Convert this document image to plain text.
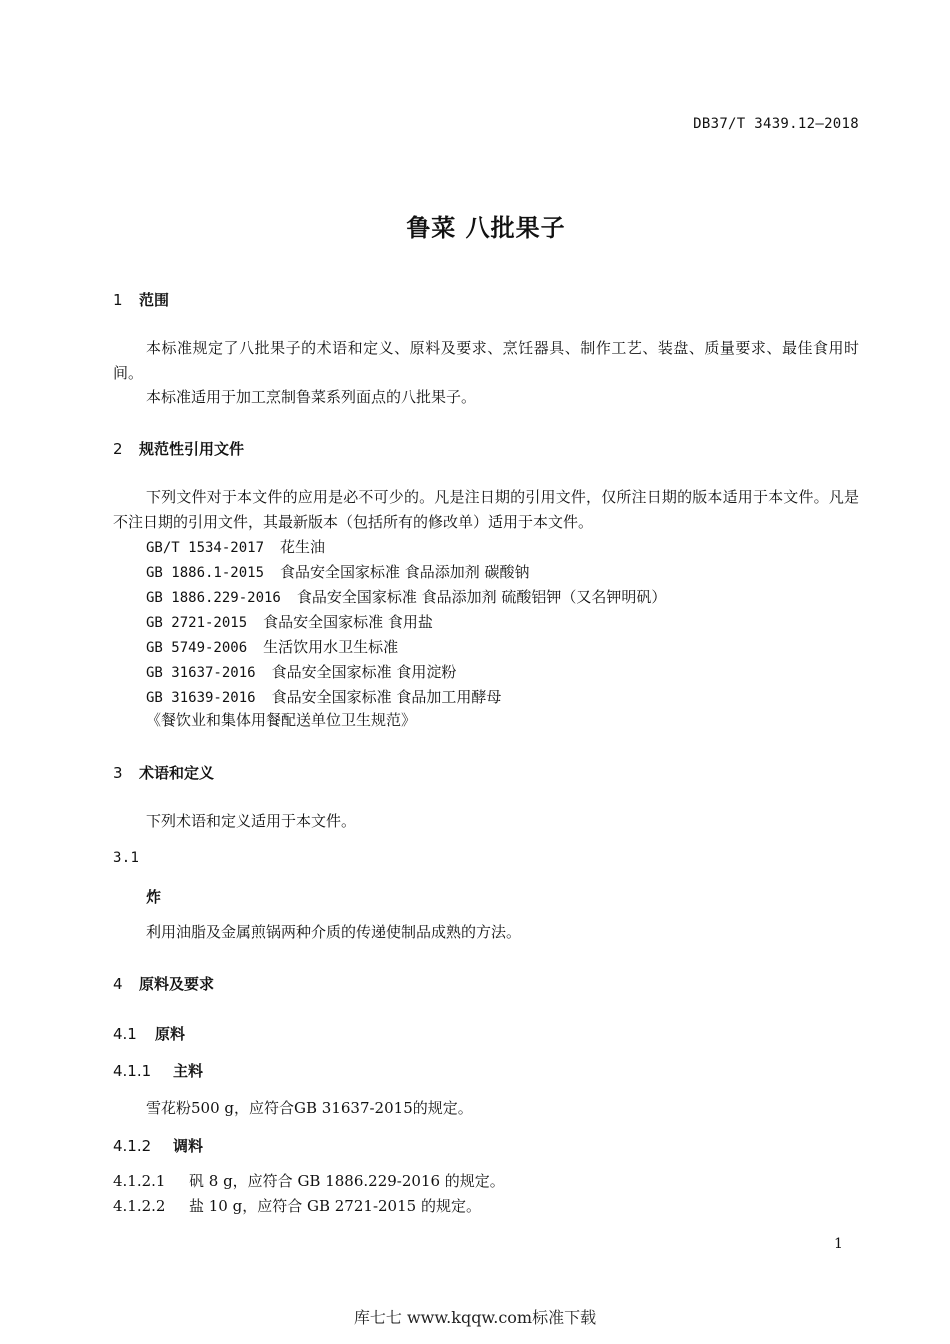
DB37/T 3439.12—2018
鲁菜 八批果子
1 范围
本标准规定了八批果子的术语和定义、原料及要求、烹饪器具、制作工艺、装盘、质量要求、最佳食用时间。
本标准适用于加工烹制鲁菜系列面点的八批果子。
2 规范性引用文件
下列文件对于本文件的应用是必不可少的。凡是注日期的引用文件，仅所注日期的版本适用于本文件。凡是不注日期的引用文件，其最新版本（包括所有的修改单）适用于本文件。
GB/T 1534-2017 花生油
GB 1886.1-2015 食品安全国家标准 食品添加剂 碳酸钠
GB 1886.229-2016 食品安全国家标准 食品添加剂 硫酸铝钾（又名钾明矾）
GB 2721-2015 食品安全国家标准 食用盐
GB 5749-2006 生活饮用水卫生标准
GB 31637-2016 食品安全国家标准 食用淀粉
GB 31639-2016 食品安全国家标准 食品加工用酵母
《餐饮业和集体用餐配送单位卫生规范》
3 术语和定义
下列术语和定义适用于本文件。
3.1
炸
利用油脂及金属煎锅两种介质的传递使制品成熟的方法。
4 原料及要求
4.1 原料
4.1.1 主料
雪花粉500 g，应符合GB 31637-2015的规定。
4.1.2 调料
4.1.2.1 矾 8 g，应符合 GB 1886.229-2016 的规定。
4.1.2.2 盐 10 g，应符合 GB 2721-2015 的规定。
1
库七七 www.kqqw.com标准下载
